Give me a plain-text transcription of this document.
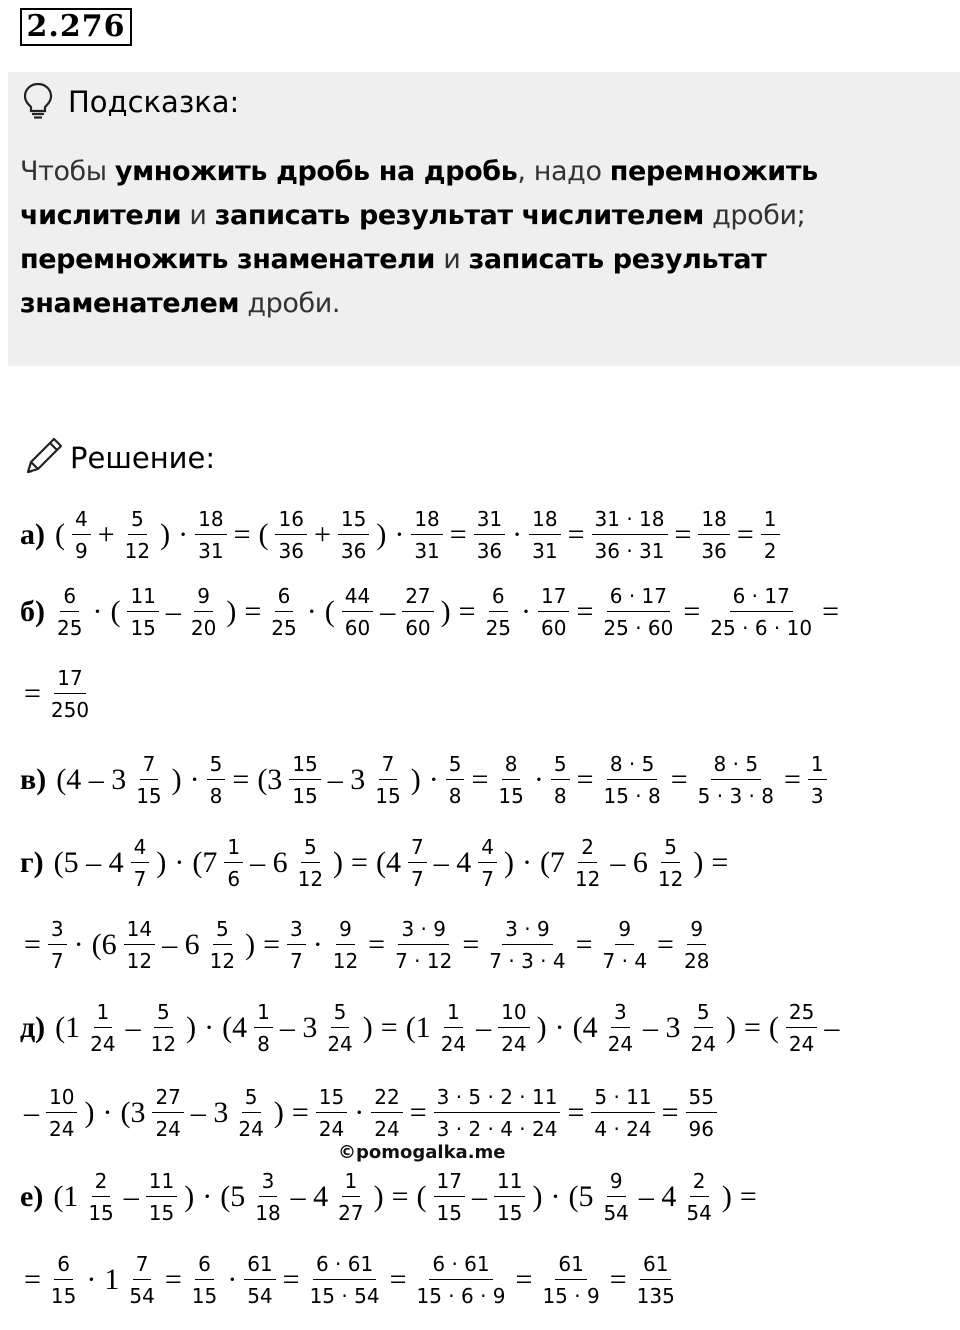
2.276
Подсказка:
Чтобы умножить дробь на дробь, надо перемножить числители и записать результат числителем дроби; перемножить знаменатели и записать результат знаменателем дроби.
Решение:
а) ( $\frac{4}{9} + \frac{5}{12}$ ) · $\frac{18}{31}$ = ( $\frac{16}{36} + \frac{15}{36}$ ) · $\frac{18}{31} = \frac{31}{36} \cdot \frac{18}{31} = \frac{31 \cdot 18}{36 \cdot 31} = \frac{18}{36} = \frac{1}{2}$
$б) \frac{6}{25}$ · ( $\frac{11}{15} - \frac{9}{20}$ ) = $\frac{6}{25}$ · ( $\frac{44}{60} - \frac{27}{60}$ ) = $\frac{6}{25} \cdot \frac{17}{60} = \frac{6 \cdot 17}{25 \cdot 60} = \frac{6 \cdot 17}{25 \cdot 6 \cdot 10}$ =
= $\frac{17}{250}$
в) ($4 - 3 \frac{7}{15}$ ) · $\frac{5}{8} = (3 \frac{15}{15} - 3 \frac{7}{15}$ ) · $\frac{5}{8} = \frac{8}{15} \cdot \frac{5}{8} = \frac{8 \cdot 5}{15 \cdot 8} = \frac{8 \cdot 5}{5 \cdot 3 \cdot 8} = \frac{1}{3}$
г) ($5 - 4 \frac{4}{7}$ ) · ($7 \frac{1}{6} - 6 \frac{5}{12}$ ) = ($4 \frac{7}{7} - 4 \frac{4}{7}$ ) · ($7 \frac{2}{12} - 6 \frac{5}{12}$ ) =
= $\frac{3}{7} \cdot (6 \frac{14}{12} - 6 \frac{5}{12}$ ) = $\frac{3}{7} \cdot \frac{9}{12} = \frac{3 \cdot 9}{7 \cdot 12} = \frac{3 \cdot 9}{7 \cdot 3 \cdot 4} = \frac{9}{7 \cdot 4} = \frac{9}{28}$
д) ($1 \frac{1}{24} - \frac{5}{12}$ ) · ($4 \frac{1}{8} - 3 \frac{5}{24}$ ) = ($1 \frac{1}{24} - \frac{10}{24}$ ) · ($4 \frac{3}{24} - 3 \frac{5}{24}$ ) = ( $\frac{25}{24}$ –
– $\frac{10}{24}$ ) · ($3 \frac{27}{24} - 3 \frac{5}{24}$ ) = $\frac{15}{24} \cdot \frac{22}{24} = \frac{3 \cdot 5 \cdot 2 \cdot 11}{3 \cdot 2 \cdot 4 \cdot 24} = \frac{5 \cdot 11}{4 \cdot 24} = \frac{55}{96}$
е) ($1 \frac{2}{15} - \frac{11}{15}$ ) · ($5 \frac{3}{18} - 4 \frac{1}{27}$ ) = ( $\frac{17}{15} - \frac{11}{15}$ ) · ($5 \frac{9}{54} - 4 \frac{2}{54}$ ) =
= $\frac{6}{15} \cdot 1 \frac{7}{54} = \frac{6}{15} \cdot \frac{61}{54} = \frac{6 \cdot 61}{15 \cdot 54} = \frac{6 \cdot 61}{15 \cdot 6 \cdot 9} = \frac{61}{15 \cdot 9} = \frac{61}{135}$
©pomogalka.me
